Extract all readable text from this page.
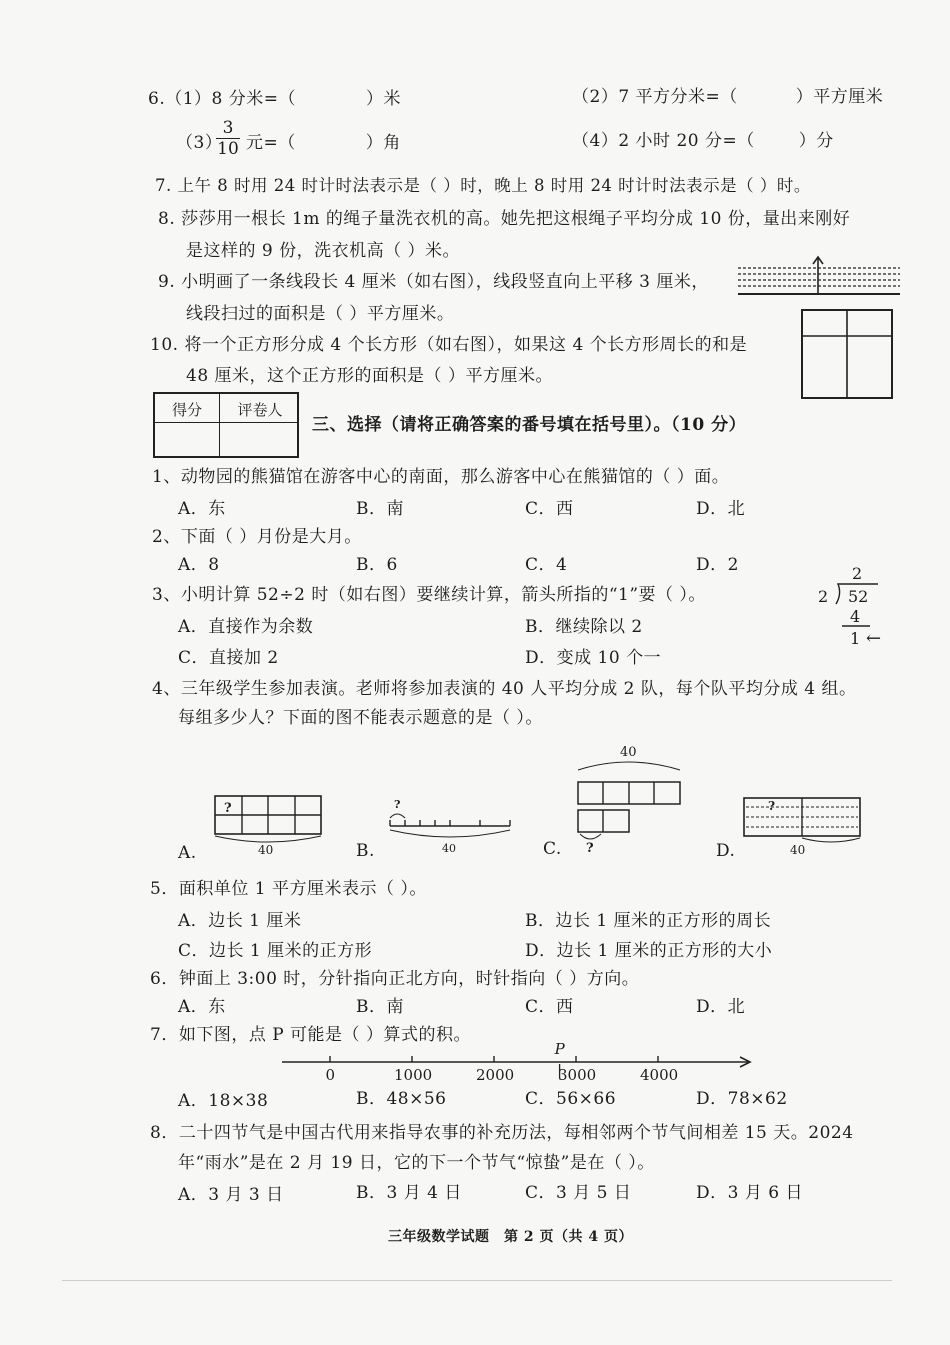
6.（1）8 分米=（	）米	（2）7 平方分米=（	）平方厘米
（3）
$\frac{3}{10}$ 元=（	）角	（4）2 小时 20 分=（	）分
7. 上午 8 时用 24 时计时法表示是（ ）时，晚上 8 时用 24 时计时法表示是（ ）时。
8. 莎莎用一根长 1m 的绳子量洗衣机的高。她先把这根绳子平均分成 10 份，量出来刚好
是这样的 9 份，洗衣机高（ ）米。
9. 小明画了一条线段长 4 厘米（如右图），线段竖直向上平移 3 厘米，
线段扫过的面积是（ ）平方厘米。
10. 将一个正方形分成 4 个长方形（如右图），如果这 4 个长方形周长的和是
48 厘米，这个正方形的面积是（ ）平方厘米。
得分	评卷人
三、选择（请将正确答案的番号填在括号里）。（10 分）
1、动物园的熊猫馆在游客中心的南面，那么游客中心在熊猫馆的（ ）面。
A．东	B．南	C．西	D．北
2、下面（ ）月份是大月。
A．8	B．6	C．4	D．2
3、小明计算 52÷2 时（如右图）要继续计算，箭头所指的“1”要（ ）。
A．直接作为余数	B．继续除以 2
C．直接加 2	D．变成 10 个一
2
2 52
4
1 ←
4、三年级学生参加表演。老师将参加表演的 40 人平均分成 2 队，每个队平均分成 4 组。
每组多少人？下面的图不能表示题意的是（ ）。
A.
?
40	B.
?
40	C.
40
?	D.
?
40
5．面积单位 1 平方厘米表示（ ）。
A．边长 1 厘米	B．边长 1 厘米的正方形的周长
C．边长 1 厘米的正方形	D．边长 1 厘米的正方形的大小
6．钟面上 3:00 时，分针指向正北方向，时针指向（ ）方向。
A．东	B．南	C．西	D．北
7．如下图，点 P 可能是（ ）算式的积。
0	1000	2000	3000	4000
P
A．18×38	B．48×56	C．56×66	D．78×62
8．二十四节气是中国古代用来指导农事的补充历法，每相邻两个节气间相差 15 天。2024
年“雨水”是在 2 月 19 日，它的下一个节气“惊蛰”是在（ ）。
A．3 月 3 日	B．3 月 4 日	C．3 月 5 日	D．3 月 6 日
三年级数学试题　第 2 页（共 4 页）
